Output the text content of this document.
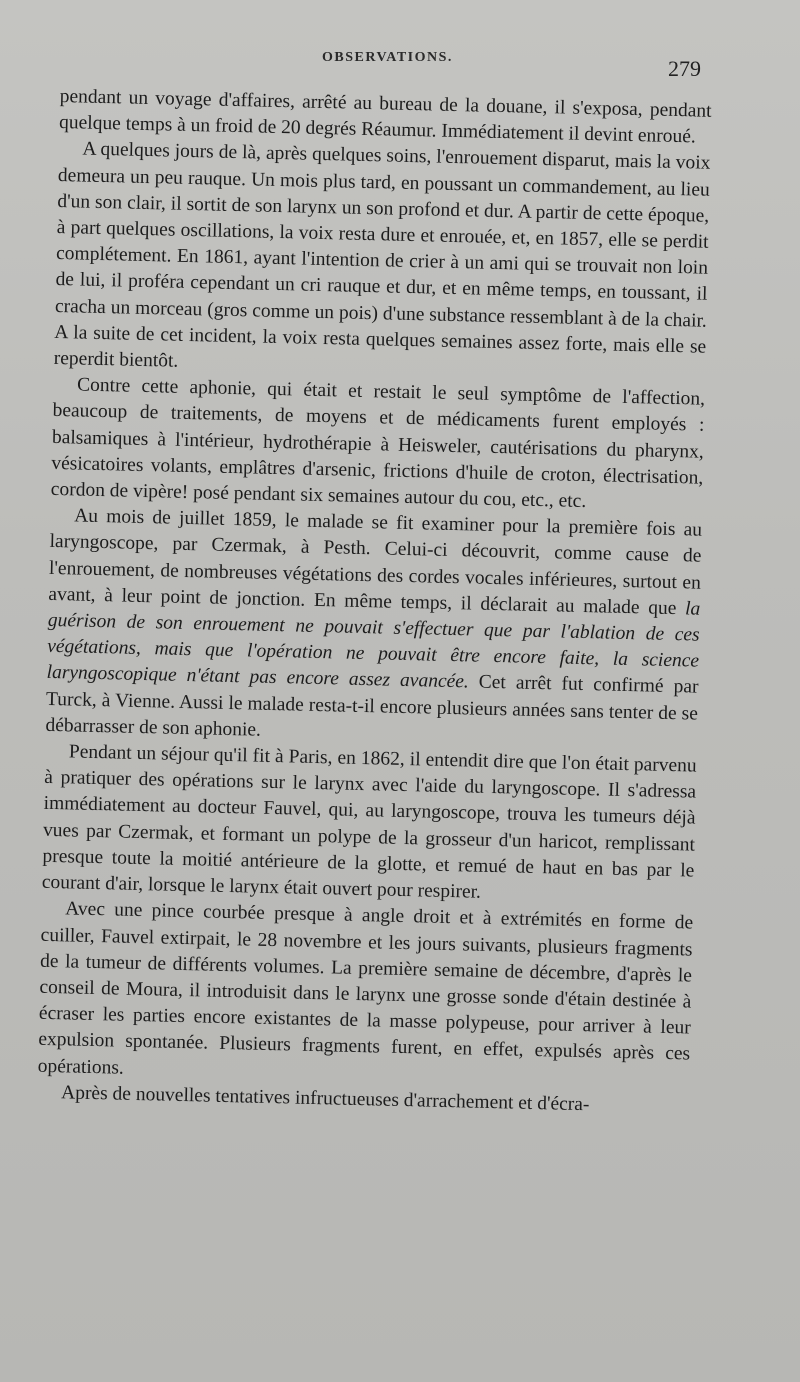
OBSERVATIONS.	279

pendant un voyage d'affaires, arrêté au bureau de la douane, il s'exposa, pendant quelque temps à un froid de 20 degrés Réaumur. Immédiatement il devint enroué.

A quelques jours de là, après quelques soins, l'enrouement disparut, mais la voix demeura un peu rauque. Un mois plus tard, en poussant un commandement, au lieu d'un son clair, il sortit de son larynx un son profond et dur. A partir de cette époque, à part quelques oscillations, la voix resta dure et enrouée, et, en 1857, elle se perdit complétement. En 1861, ayant l'intention de crier à un ami qui se trouvait non loin de lui, il proféra cependant un cri rauque et dur, et en même temps, en toussant, il cracha un morceau (gros comme un pois) d'une substance ressemblant à de la chair. A la suite de cet incident, la voix resta quelques semaines assez forte, mais elle se reperdit bientôt.

Contre cette aphonie, qui était et restait le seul symptôme de l'affection, beaucoup de traitements, de moyens et de médicaments furent employés : balsamiques à l'intérieur, hydrothérapie à Heisweler, cautérisations du pharynx, vésicatoires volants, emplâtres d'arsenic, frictions d'huile de croton, électrisation, cordon de vipère! posé pendant six semaines autour du cou, etc., etc.

Au mois de juillet 1859, le malade se fit examiner pour la première fois au laryngoscope, par Czermak, à Pesth. Celui-ci découvrit, comme cause de l'enrouement, de nombreuses végétations des cordes vocales inférieures, surtout en avant, à leur point de jonction. En même temps, il déclarait au malade que la guérison de son enrouement ne pouvait s'effectuer que par l'ablation de ces végétations, mais que l'opération ne pouvait être encore faite, la science laryngoscopique n'étant pas encore assez avancée. Cet arrêt fut confirmé par Turck, à Vienne. Aussi le malade resta-t-il encore plusieurs années sans tenter de se débarrasser de son aphonie.

Pendant un séjour qu'il fit à Paris, en 1862, il entendit dire que l'on était parvenu à pratiquer des opérations sur le larynx avec l'aide du laryngoscope. Il s'adressa immédiatement au docteur Fauvel, qui, au laryngoscope, trouva les tumeurs déjà vues par Czermak, et formant un polype de la grosseur d'un haricot, remplissant presque toute la moitié antérieure de la glotte, et remué de haut en bas par le courant d'air, lorsque le larynx était ouvert pour respirer.

Avec une pince courbée presque à angle droit et à extrémités en forme de cuiller, Fauvel extirpait, le 28 novembre et les jours suivants, plusieurs fragments de la tumeur de différents volumes. La première semaine de décembre, d'après le conseil de Moura, il introduisit dans le larynx une grosse sonde d'étain destinée à écraser les parties encore existantes de la masse polypeuse, pour arriver à leur expulsion spontanée. Plusieurs fragments furent, en effet, expulsés après ces opérations.

Après de nouvelles tentatives infructueuses d'arrachement et d'écra-
